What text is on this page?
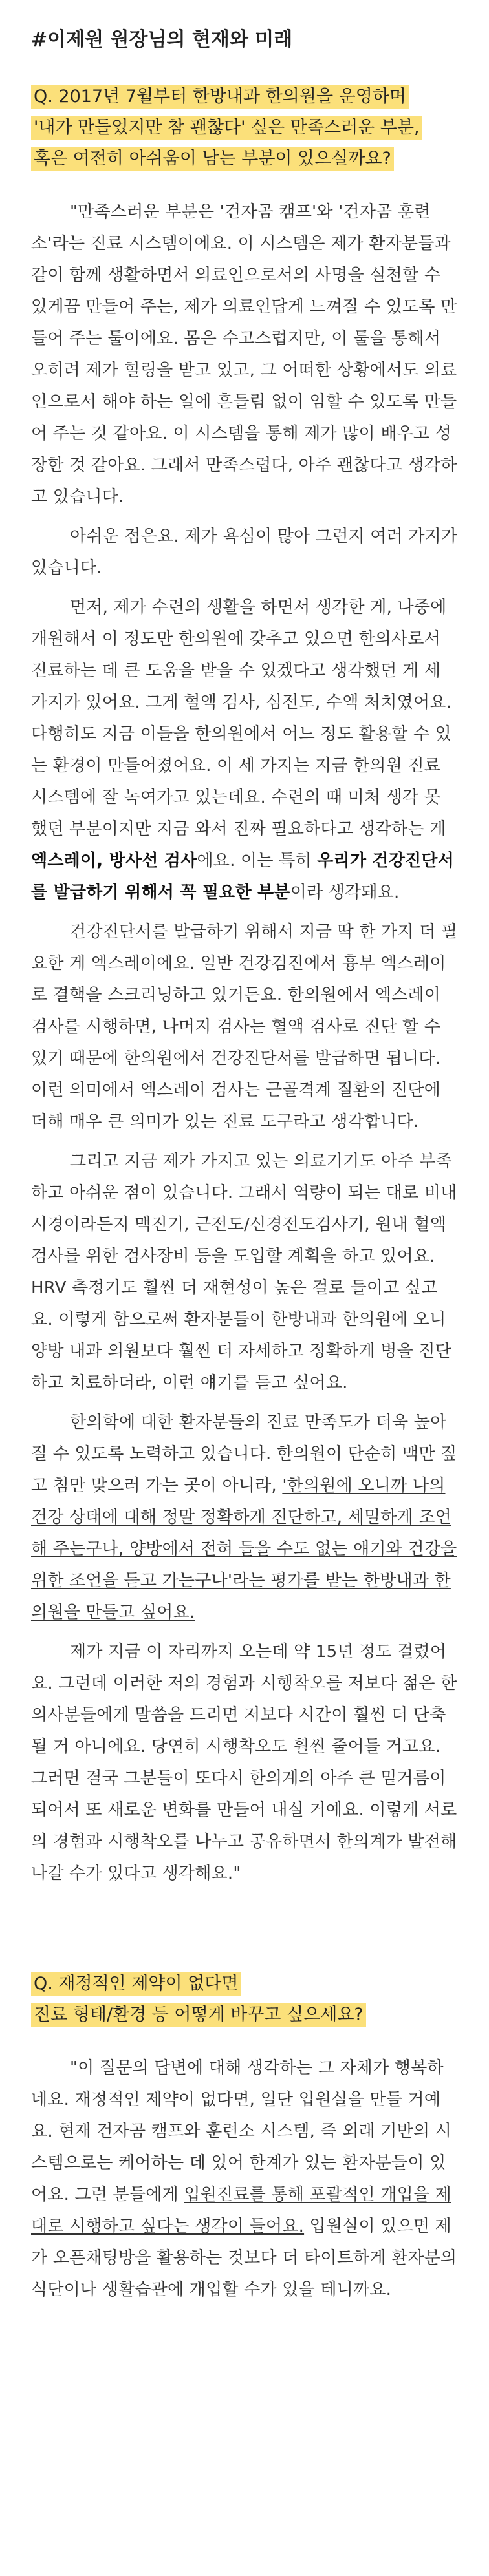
#이제원 원장님의 현재와 미래
Q. 2017년 7월부터 한방내과 한의원을 운영하며
'내가 만들었지만 참 괜찮다' 싶은 만족스러운 부분,
혹은 여전히 아쉬움이 남는 부분이 있으실까요?

"만족스러운 부분은 '건자곰 캠프'와 '건자곰 훈련소'라는 진료 시스템이에요. 이 시스템은 제가 환자분들과 같이 함께 생활하면서 의료인으로서의 사명을 실천할 수 있게끔 만들어 주는, 제가 의료인답게 느껴질 수 있도록 만들어 주는 툴이에요. 몸은 수고스럽지만, 이 툴을 통해서 오히려 제가 힐링을 받고 있고, 그 어떠한 상황에서도 의료인으로서 해야 하는 일에 흔들림 없이 임할 수 있도록 만들어 주는 것 같아요. 이 시스템을 통해 제가 많이 배우고 성장한 것 같아요. 그래서 만족스럽다, 아주 괜찮다고 생각하고 있습니다.

아쉬운 점은요. 제가 욕심이 많아 그런지 여러 가지가 있습니다.

먼저, 제가 수련의 생활을 하면서 생각한 게, 나중에 개원해서 이 정도만 한의원에 갖추고 있으면 한의사로서 진료하는 데 큰 도움을 받을 수 있겠다고 생각했던 게 세 가지가 있어요. 그게 혈액 검사, 심전도, 수액 처치였어요. 다행히도 지금 이들을 한의원에서 어느 정도 활용할 수 있는 환경이 만들어졌어요. 이 세 가지는 지금 한의원 진료 시스템에 잘 녹여가고 있는데요. 수련의 때 미처 생각 못 했던 부분이지만 지금 와서 진짜 필요하다고 생각하는 게 엑스레이, 방사선 검사에요. 이는 특히 우리가 건강진단서를 발급하기 위해서 꼭 필요한 부분이라 생각돼요.

건강진단서를 발급하기 위해서 지금 딱 한 가지 더 필요한 게 엑스레이에요. 일반 건강검진에서 흉부 엑스레이로 결핵을 스크리닝하고 있거든요. 한의원에서 엑스레이 검사를 시행하면, 나머지 검사는 혈액 검사로 진단 할 수 있기 때문에 한의원에서 건강진단서를 발급하면 됩니다. 이런 의미에서 엑스레이 검사는 근골격계 질환의 진단에 더해 매우 큰 의미가 있는 진료 도구라고 생각합니다.

그리고 지금 제가 가지고 있는 의료기기도 아주 부족하고 아쉬운 점이 있습니다. 그래서 역량이 되는 대로 비내시경이라든지 맥진기, 근전도/신경전도검사기, 원내 혈액검사를 위한 검사장비 등을 도입할 계획을 하고 있어요. HRV 측정기도 훨씬 더 재현성이 높은 걸로 들이고 싶고요. 이렇게 함으로써 환자분들이 한방내과 한의원에 오니 양방 내과 의원보다 훨씬 더 자세하고 정확하게 병을 진단하고 치료하더라, 이런 얘기를 듣고 싶어요.

한의학에 대한 환자분들의 진료 만족도가 더욱 높아질 수 있도록 노력하고 있습니다. 한의원이 단순히 맥만 짚고 침만 맞으러 가는 곳이 아니라, '한의원에 오니까 나의 건강 상태에 대해 정말 정확하게 진단하고, 세밀하게 조언해 주는구나, 양방에서 전혀 들을 수도 없는 얘기와 건강을 위한 조언을 듣고 가는구나'라는 평가를 받는 한방내과 한의원을 만들고 싶어요.

제가 지금 이 자리까지 오는데 약 15년 정도 걸렸어요. 그런데 이러한 저의 경험과 시행착오를 저보다 젊은 한의사분들에게 말씀을 드리면 저보다 시간이 훨씬 더 단축될 거 아니에요. 당연히 시행착오도 훨씬 줄어들 거고요. 그러면 결국 그분들이 또다시 한의계의 아주 큰 밑거름이 되어서 또 새로운 변화를 만들어 내실 거예요. 이렇게 서로의 경험과 시행착오를 나누고 공유하면서 한의계가 발전해 나갈 수가 있다고 생각해요."

Q. 재정적인 제약이 없다면
진료 형태/환경 등 어떻게 바꾸고 싶으세요?

"이 질문의 답변에 대해 생각하는 그 자체가 행복하네요. 재정적인 제약이 없다면, 일단 입원실을 만들 거예요. 현재 건자곰 캠프와 훈련소 시스템, 즉 외래 기반의 시스템으로는 케어하는 데 있어 한계가 있는 환자분들이 있어요. 그런 분들에게 입원진료를 통해 포괄적인 개입을 제대로 시행하고 싶다는 생각이 들어요. 입원실이 있으면 제가 오픈채팅방을 활용하는 것보다 더 타이트하게 환자분의 식단이나 생활습관에 개입할 수가 있을 테니까요.
